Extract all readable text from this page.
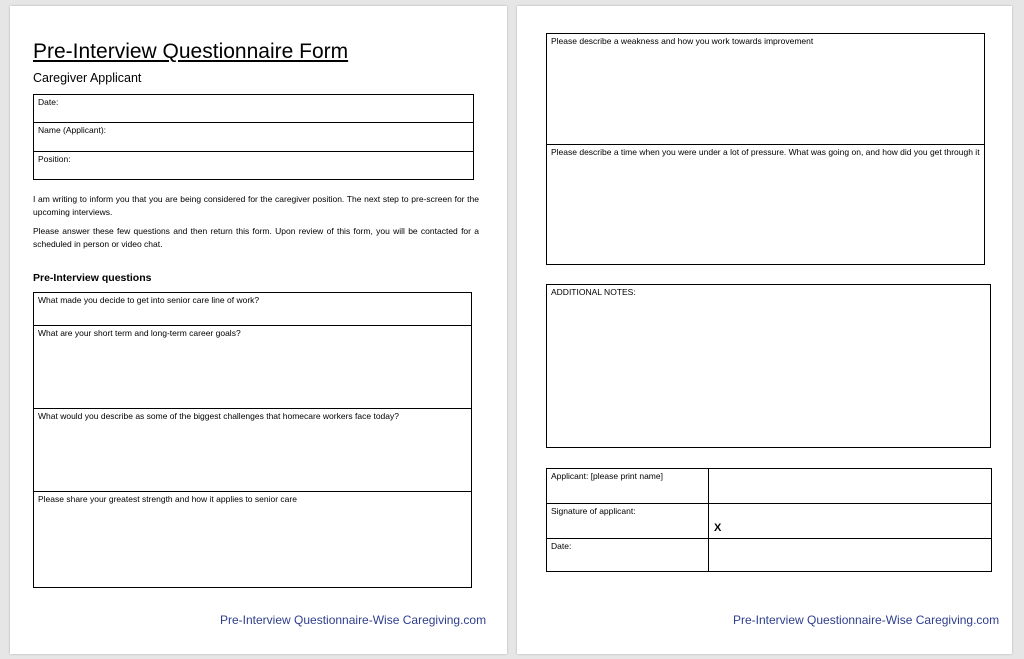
Pre-Interview Questionnaire Form
Caregiver Applicant
Date:
Name (Applicant):
Position:
I am writing to inform you that you are being considered for the caregiver position. The next step to pre-screen for the upcoming interviews.
Please answer these few questions and then return this form. Upon review of this form, you will be contacted for a scheduled in person or video chat.
Pre-Interview questions
What made you decide to get into senior care line of work?
What are your short term and long-term career goals?
What would you describe as some of the biggest challenges that homecare workers face today?
Please share your greatest strength and how it applies to senior care
Pre-Interview Questionnaire-Wise Caregiving.com
Please describe a weakness and how you work towards improvement
Please describe a time when you were under a lot of pressure. What was going on, and how did you get through it
ADDITIONAL NOTES:
Applicant: [please print name]	
Signature of applicant:	X

Date:	
Pre-Interview Questionnaire-Wise Caregiving.com
